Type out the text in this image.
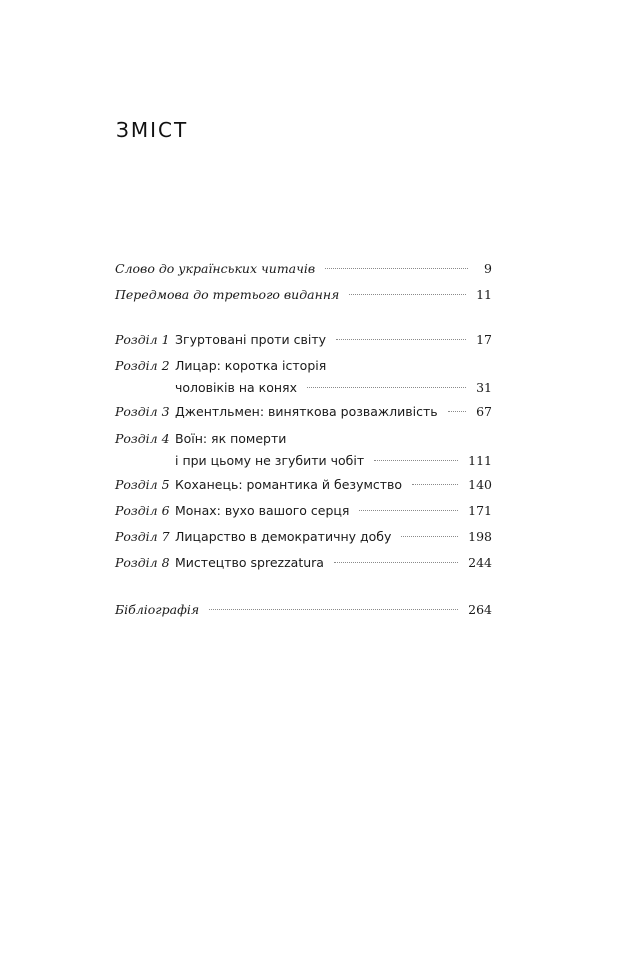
ЗМІСТ
Слово до українських читачів	9
Передмова до третього видання	11
Розділ 1 Згуртовані проти світу	17
Розділ 2 Лицар: коротка історія
чоловіків на конях	31
Розділ 3 Джентльмен: виняткова розважливість	67
Розділ 4 Воїн: як померти
і при цьому не згубити чобіт	111
Розділ 5 Коханець: романтика й безумство	140
Розділ 6 Монах: вухо вашого серця	171
Розділ 7 Лицарство в демократичну добу	198
Розділ 8 Мистецтво sprezzatura	244
Бібліографія	264
